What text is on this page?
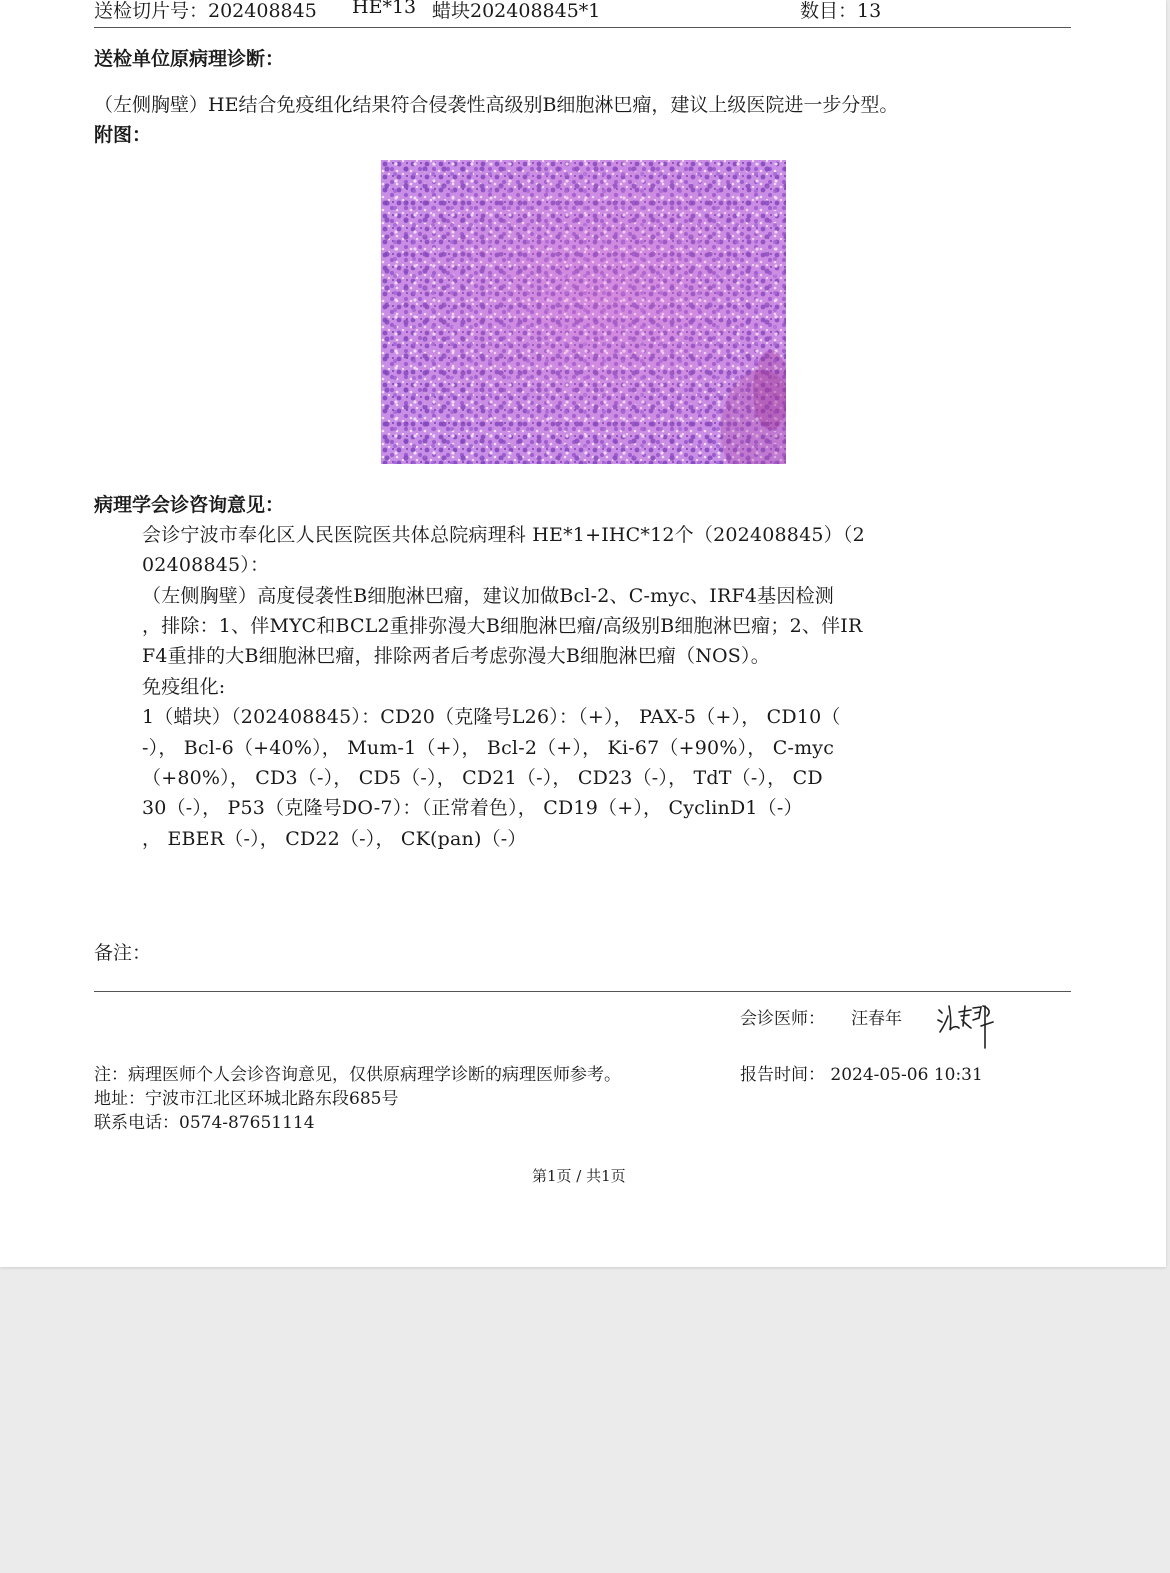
送检切片号：202408845 HE*13 蜡块202408845*1	数目：13
送检单位原病理诊断：
（左侧胸壁）HE结合免疫组化结果符合侵袭性高级别B细胞淋巴瘤，建议上级医院进一步分型。
附图：
病理学会诊咨询意见：
会诊宁波市奉化区人民医院医共体总院病理科 HE*1+IHC*12个（202408845）（2
02408845）：
（左侧胸壁）高度侵袭性B细胞淋巴瘤，建议加做Bcl-2、C-myc、IRF4基因检测
，排除：1、伴MYC和BCL2重排弥漫大B细胞淋巴瘤/高级别B细胞淋巴瘤；2、伴IR
F4重排的大B细胞淋巴瘤，排除两者后考虑弥漫大B细胞淋巴瘤（NOS）。
免疫组化:
1（蜡块）（202408845）：CD20（克隆号L26）：（+）， PAX-5（+）， CD10（
-）， Bcl-6（+40%）， Mum-1（+）， Bcl-2（+）， Ki-67（+90%）， C-myc
（+80%）， CD3（-）， CD5（-）， CD21（-）， CD23（-）， TdT（-）， CD
30（-）， P53（克隆号DO-7）：（正常着色）， CD19（+）， CyclinD1（-）
， EBER（-）， CD22（-）， CK(pan)（-）
备注：
会诊医师： 汪春年
注：病理医师个人会诊咨询意见，仅供原病理学诊断的病理医师参考。	报告时间： 2024-05-06 10:31
地址：宁波市江北区环城北路东段685号
联系电话：0574-87651114
第1页 / 共1页
